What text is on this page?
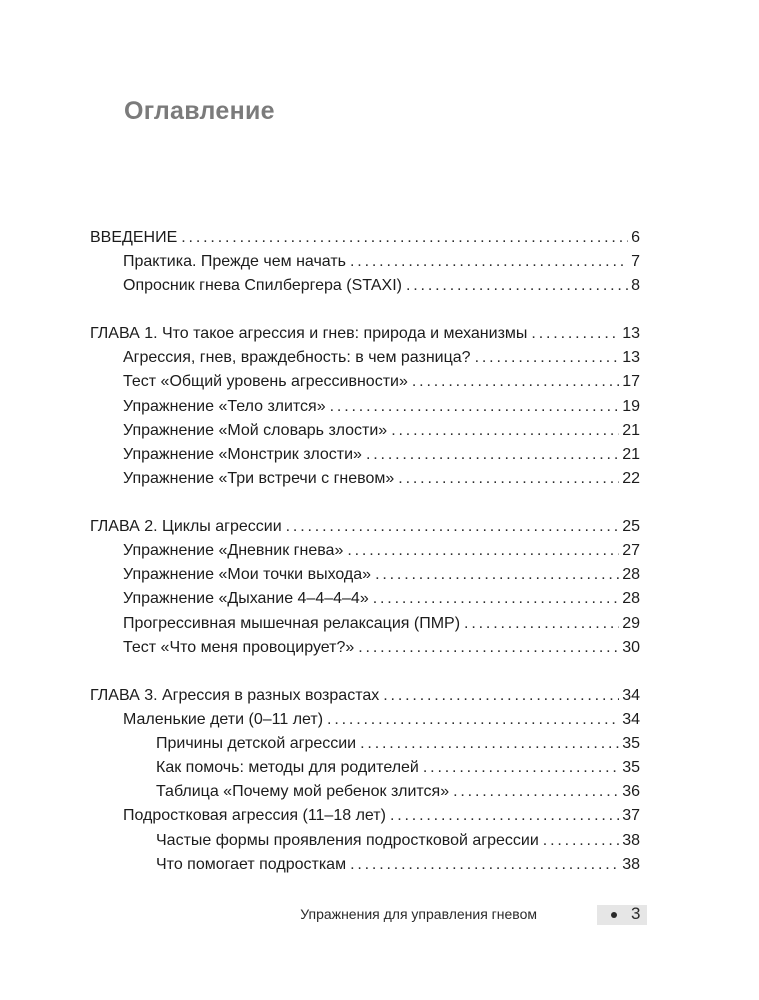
Оглавление
ВВЕДЕНИЕ . . .	6
Практика. Прежде чем начать . . .	7
Опросник гнева Спилбергера (STAXI) . . .	8
ГЛАВА 1. Что такое агрессия и гнев: природа и механизмы . . .	13
Агрессия, гнев, враждебность: в чем разница? . . .	13
Тест «Общий уровень агрессивности» . . .	17
Упражнение «Тело злится» . . .	19
Упражнение «Мой словарь злости» . . .	21
Упражнение «Монстрик злости» . . .	21
Упражнение «Три встречи с гневом» . . .	22
ГЛАВА 2. Циклы агрессии . . .	25
Упражнение «Дневник гнева» . . .	27
Упражнение «Мои точки выхода» . . .	28
Упражнение «Дыхание 4–4–4–4» . . .	28
Прогрессивная мышечная релаксация (ПМР) . . .	29
Тест «Что меня провоцирует?» . . .	30
ГЛАВА 3. Агрессия в разных возрастах . . .	34
Маленькие дети (0–11 лет) . . .	34
Причины детской агрессии . . .	35
Как помочь: методы для родителей . . .	35
Таблица «Почему мой ребенок злится» . . .	36
Подростковая агрессия (11–18 лет) . . .	37
Частые формы проявления подростковой агрессии . . .	38
Что помогает подросткам . . .	38
Упражнения для управления гневом	3
